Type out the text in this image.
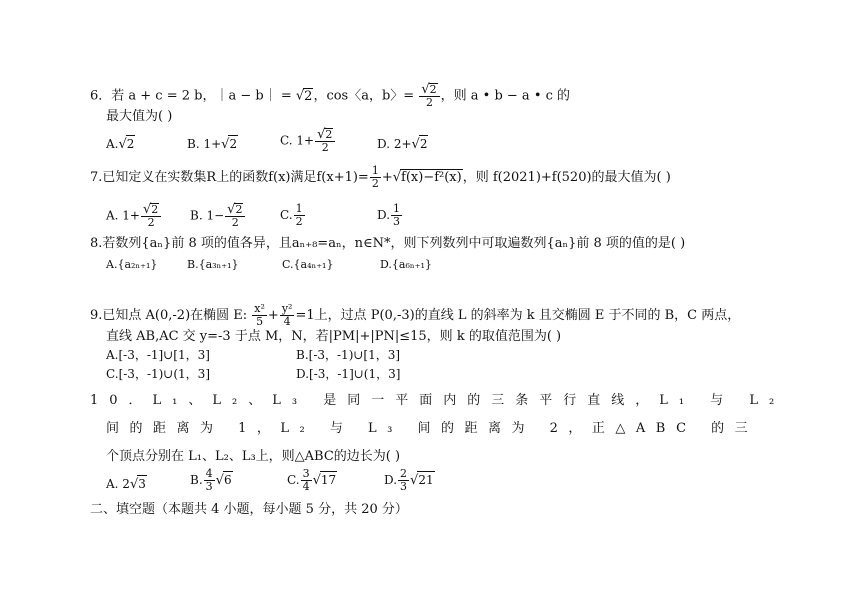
6．若 a + c = 2 b，｜a − b｜ = √2，cos〈a，b〉= $\frac{√2}{2}$ ，则 a • b − a • c 的
最大值为( )
A.√2	B. 1+√2	C. $1+ \frac{√2}{2}$	D. 2+√2
7.已知定义在实数集R上的函数f(x)满足$f(x+1)= \frac{1}{2} +√f(x)-f^2(x)$，则 f(2021)+f(520)的最大值为( )
A. $1+ \frac{√2}{2} B$. $1- \frac{√2}{2}$	C. $\frac{1}{2}$	D. $\frac{1}{3}$
8.若数列{aₙ}前 8 项的值各异，且aₙ₊₈=aₙ，n∈N*，则下列数列中可取遍数列{aₙ}前 8 项的值的是( )
A.{a₂ₙ₊₁}	B.{a₃ₙ₊₁}	C.{a₄ₙ₊₁}	D.{a₆ₙ₊₁}
9.已知点 A(0,-2)在椭圆 E: $\frac{\text{x²}}{5} + \frac{\text{y²}}{4} =1$上，过点 P(0,-3)的直线 L 的斜率为 k 且交椭圆 E 于不同的 B，C 两点，
直线 AB,AC 交 y=-3 于点 M，N，若|PM|+|PN|≤15，则 k 的取值范围为( )
A.[-3，-1]∪[1，3]	B.[-3，-1)∪[1，3]
C.[-3，-1)∪(1，3]	D.[-3，-1]∪(1，3]
10．L₁、L₂、L₃ 是同一平面内的三条平行直线，L₁ 与 L₂
间的距离为 1，L₂ 与 L₃ 间的距离为 2，正△ABC 的三
个顶点分别在 L₁、L₂、L₃上，则△ABC的边长为( )
A. 2√3	B. $\frac{4}{3} √6$	C. $\frac{3}{4} √17$	D. $\frac{2}{3} √21$
二、填空题（本题共 4 小题，每小题 5 分，共 20 分）
